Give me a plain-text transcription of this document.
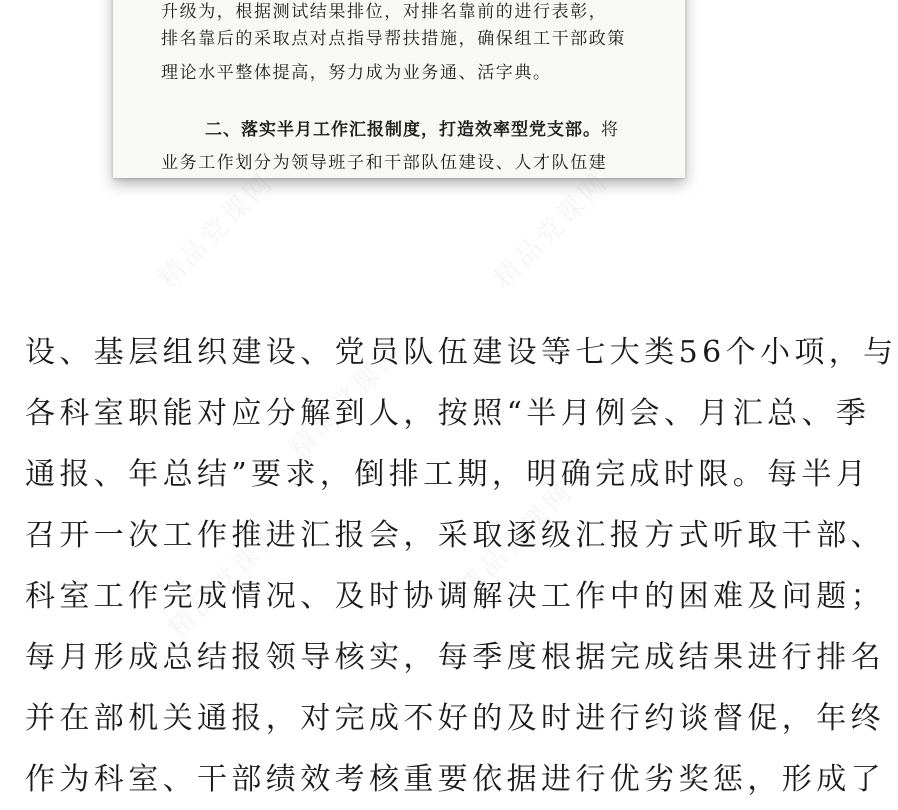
升级为，根据测试结果排位，对排名靠前的进行表彰，

排名靠后的采取点对点指导帮扶措施，确保组工干部政策

理论水平整体提高，努力成为业务通、活字典。

二、落实半月工作汇报制度，打造效率型党支部。将

业务工作划分为领导班子和干部队伍建设、人才队伍建

精品党课网	精品党课网
精品党课网
精品党课网
精品党课网

设、基层组织建设、党员队伍建设等七大类56个小项，与

各科室职能对应分解到人，按照“半月例会、月汇总、季

通报、年总结”要求，倒排工期，明确完成时限。每半月

召开一次工作推进汇报会，采取逐级汇报方式听取干部、

科室工作完成情况、及时协调解决工作中的困难及问题；

每月形成总结报领导核实，每季度根据完成结果进行排名

并在部机关通报，对完成不好的及时进行约谈督促，年终

作为科室、干部绩效考核重要依据进行优劣奖惩，形成了
